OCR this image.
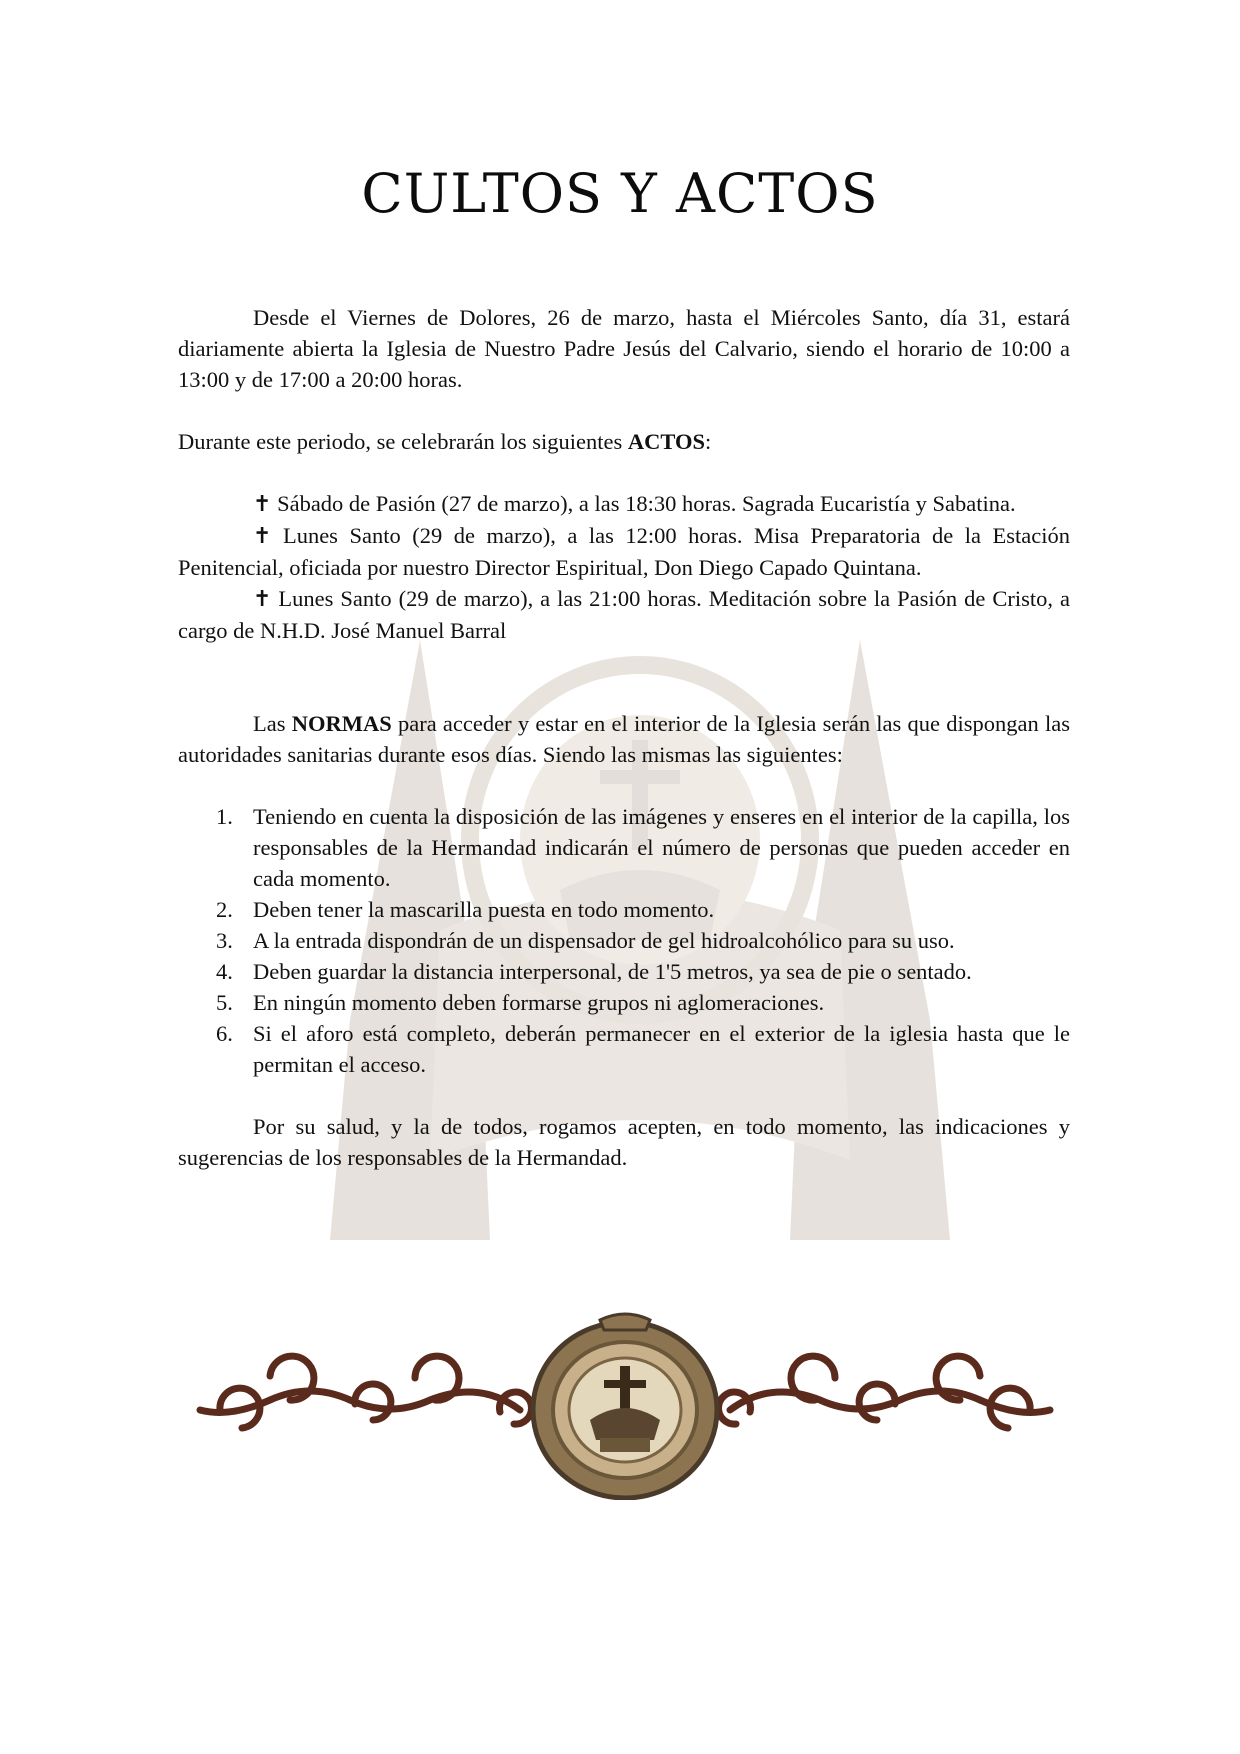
CULTOS Y ACTOS

Desde el Viernes de Dolores, 26 de marzo, hasta el Miércoles Santo, día 31, estará diariamente abierta la Iglesia de Nuestro Padre Jesús del Calvario, siendo el horario de 10:00 a 13:00 y de 17:00 a 20:00 horas.

Durante este periodo, se celebrarán los siguientes ACTOS:

✝ Sábado de Pasión (27 de marzo), a las 18:30 horas. Sagrada Eucaristía y Sabatina.

✝ Lunes Santo (29 de marzo), a las 12:00 horas. Misa Preparatoria de la Estación Penitencial, oficiada por nuestro Director Espiritual, Don Diego Capado Quintana.

✝ Lunes Santo (29 de marzo), a las 21:00 horas. Meditación sobre la Pasión de Cristo, a cargo de N.H.D. José Manuel Barral

Las NORMAS para acceder y estar en el interior de la Iglesia serán las que dispongan las autoridades sanitarias durante esos días. Siendo las mismas las siguientes:

1. Teniendo en cuenta la disposición de las imágenes y enseres en el interior de la capilla, los responsables de la Hermandad indicarán el número de personas que pueden acceder en cada momento.
2. Deben tener la mascarilla puesta en todo momento.
3. A la entrada dispondrán de un dispensador de gel hidroalcohólico para su uso.
4. Deben guardar la distancia interpersonal, de 1'5 metros, ya sea de pie o sentado.
5. En ningún momento deben formarse grupos ni aglomeraciones.
6. Si el aforo está completo, deberán permanecer en el exterior de la iglesia hasta que le permitan el acceso.

Por su salud, y la de todos, rogamos acepten, en todo momento, las indicaciones y sugerencias de los responsables de la Hermandad.
